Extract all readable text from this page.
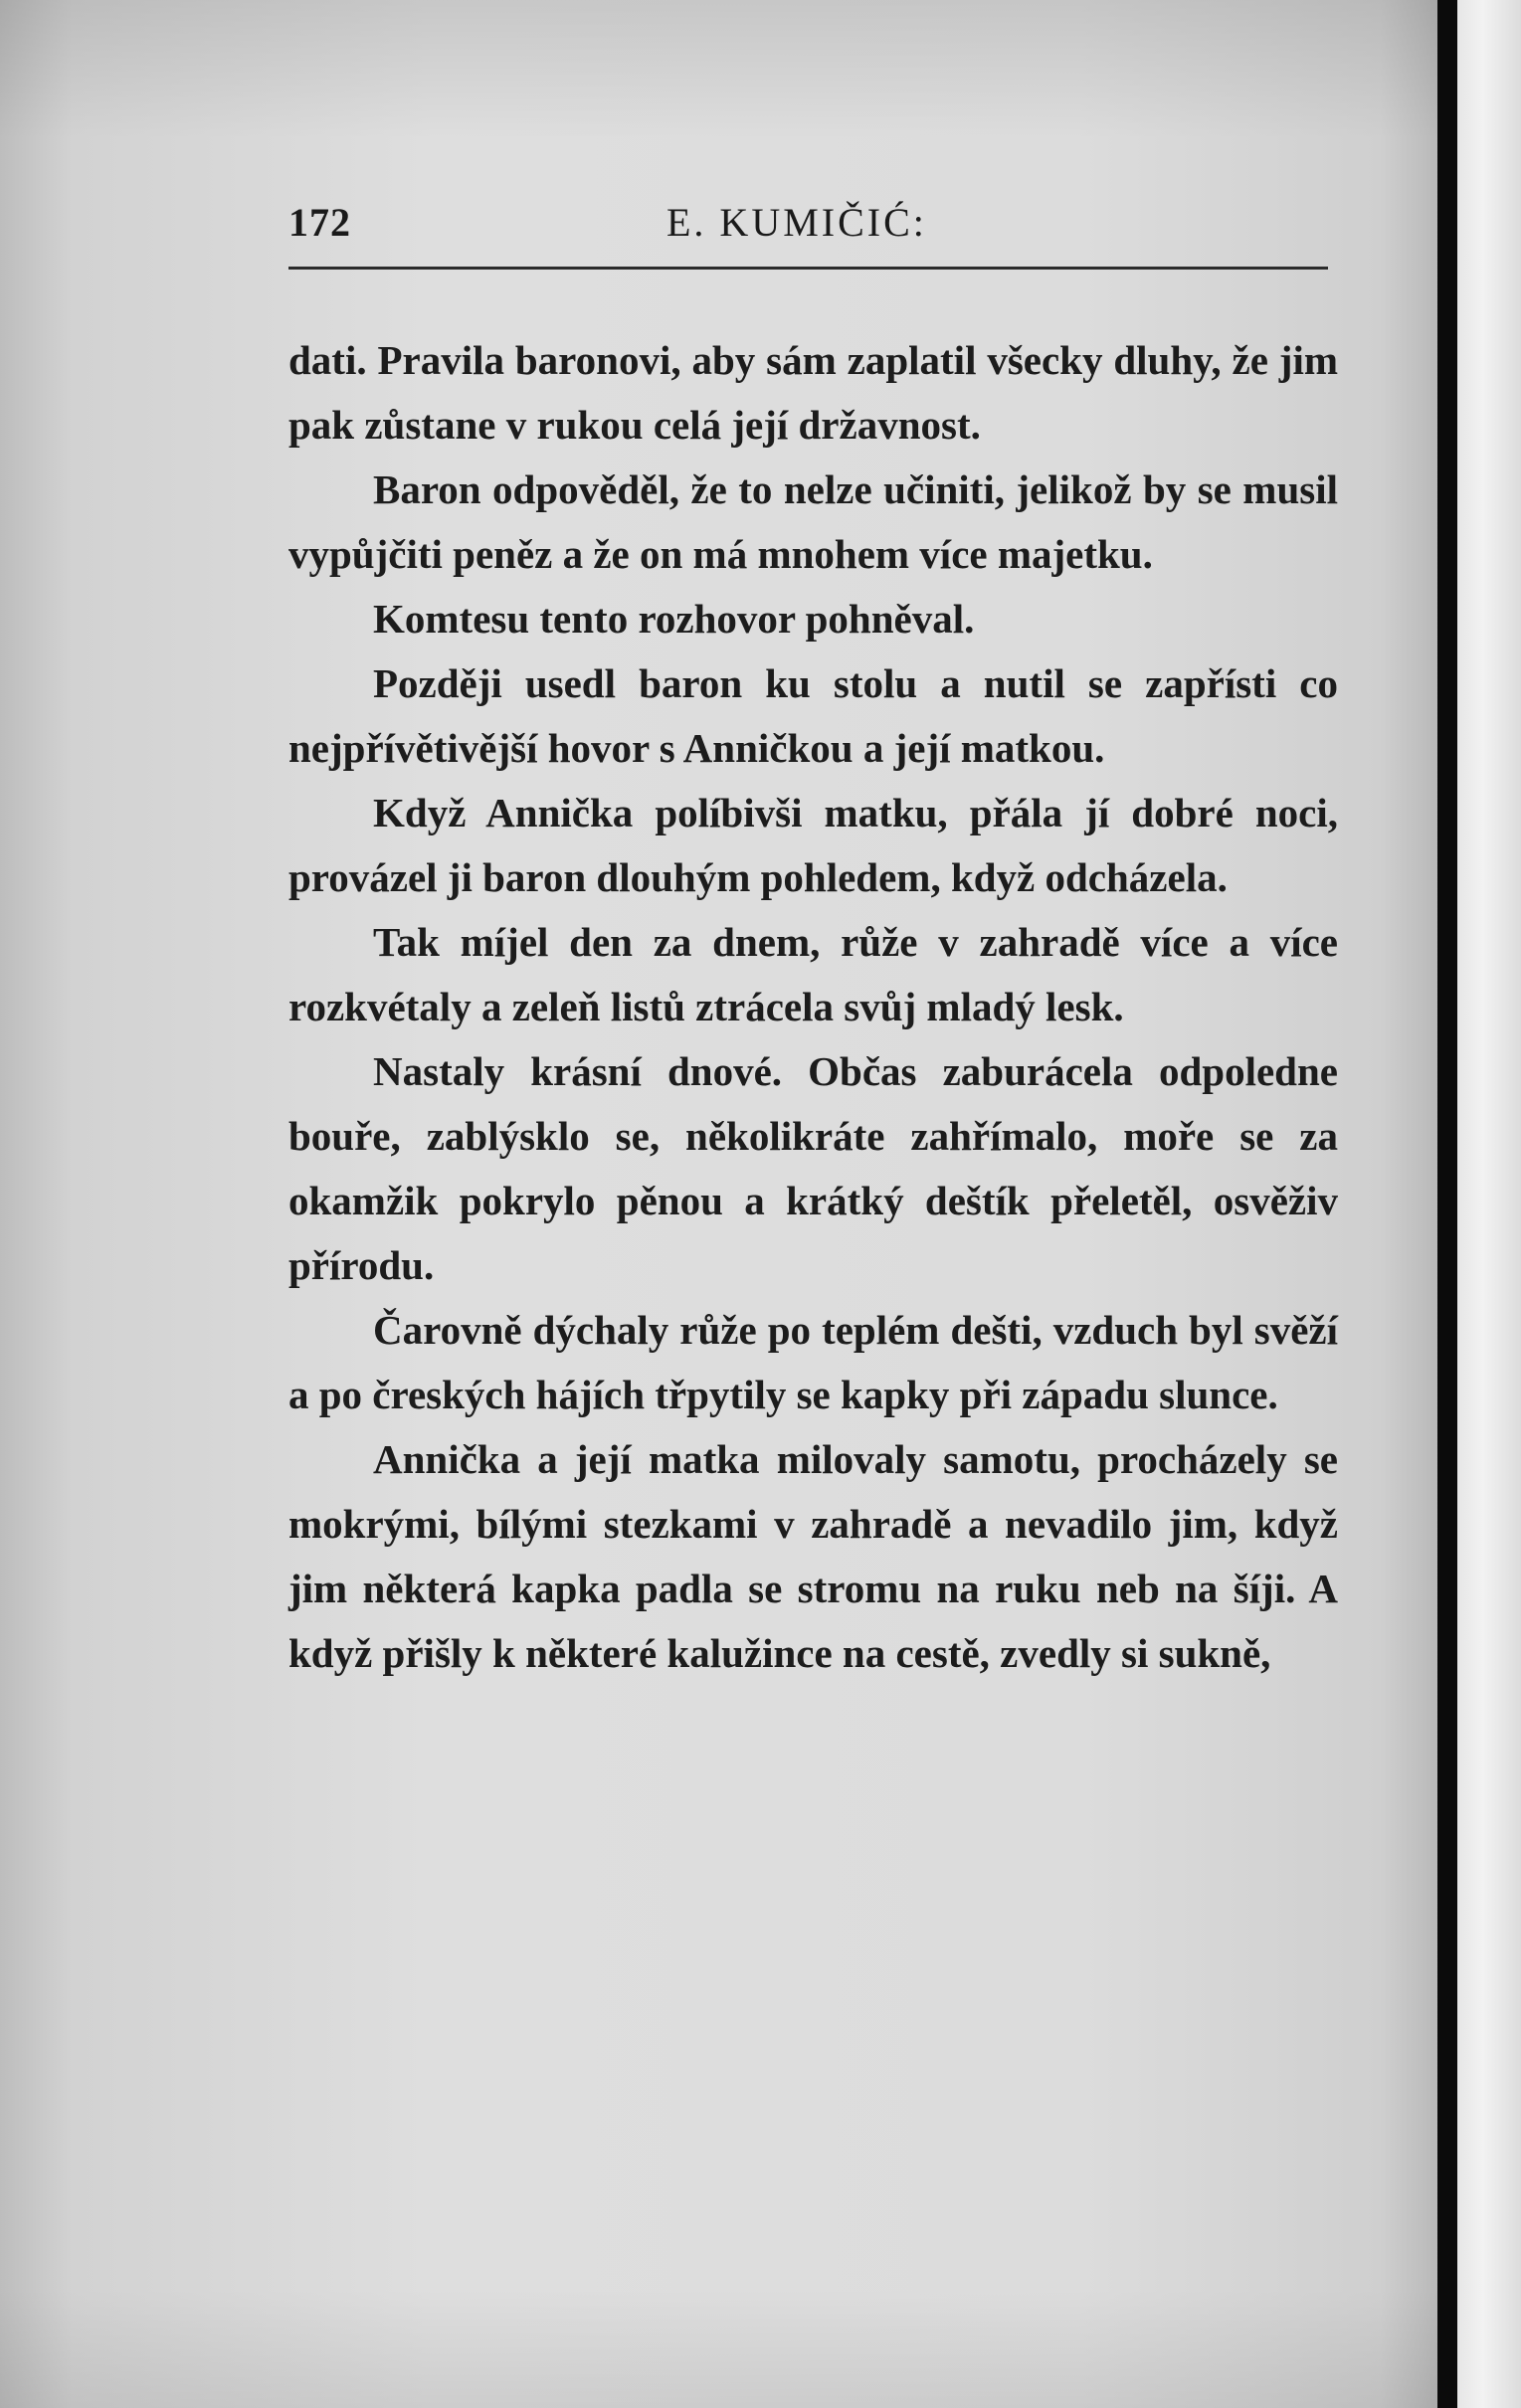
172	E. KUMIČIĆ:

dati. Pravila baronovi, aby sám zaplatil všecky dluhy, že jim pak zůstane v rukou celá její državnost.

Baron odpověděl, že to nelze učiniti, jelikož by se musil vypůjčiti peněz a že on má mnohem více majetku.

Komtesu tento rozhovor pohněval.

Později usedl baron ku stolu a nutil se zapřísti co nejpřívětivější hovor s Anničkou a její matkou.

Když Annička políbivši matku, přála jí dobré noci, provázel ji baron dlouhým pohledem, když odcházela.

Tak míjel den za dnem, růže v zahradě více a více rozkvétaly a zeleň listů ztrácela svůj mladý lesk.

Nastaly krásní dnové. Občas zaburácela odpoledne bouře, zablýsklo se, několikráte zahřímalo, moře se za okamžik pokrylo pěnou a krátký deštík přeletěl, osvěživ přírodu.

Čarovně dýchaly růže po teplém dešti, vzduch byl svěží a po čreských hájích třpytily se kapky při západu slunce.

Annička a její matka milovaly samotu, procházely se mokrými, bílými stezkami v zahradě a nevadilo jim, když jim některá kapka padla se stromu na ruku neb na šíji. A když přišly k některé kalužince na cestě, zvedly si sukně,
